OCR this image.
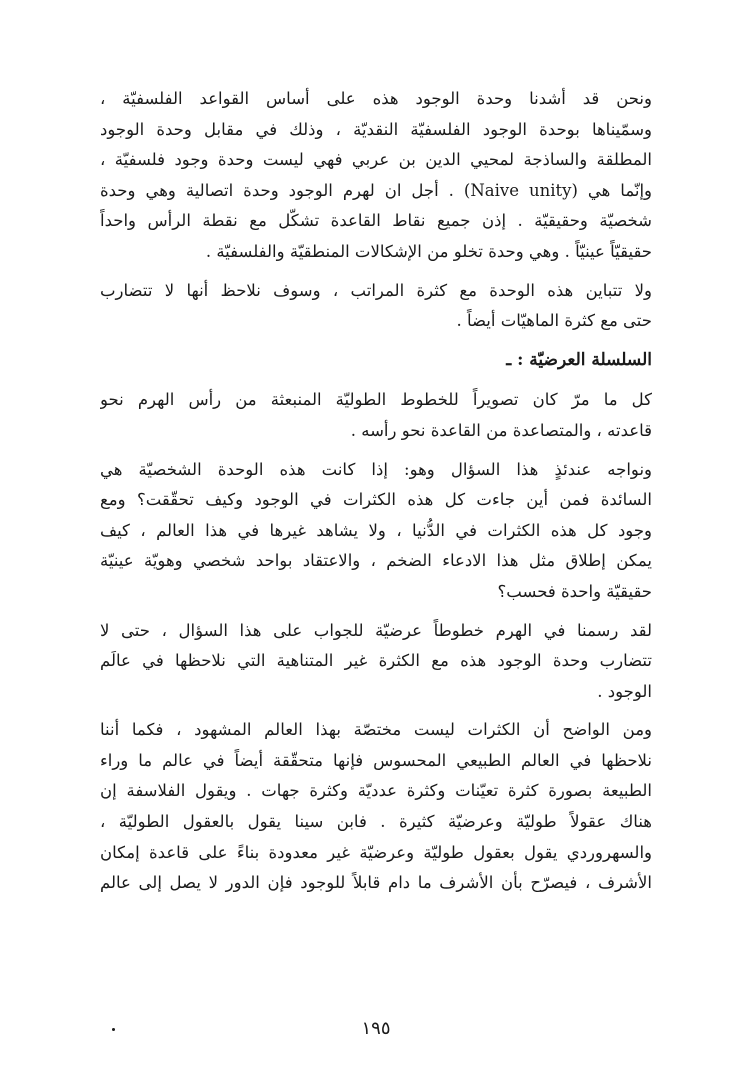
ونحن قد أشدنا وحدة الوجود هذه على أساس القواعد الفلسفيّة ،
وسمّيناها بوحدة الوجود الفلسفيّة النقديّة ، وذلك في مقابل وحدة الوجود
المطلقة والساذجة لمحيي الدين بن عربي فهي ليست وحدة وجود فلسفيّة ،
وإنّما هي (Naive unity) . أجل ان لهرم الوجود وحدة اتصالية وهي وحدة
شخصيّة وحقيقيّة . إذن جميع نقاط القاعدة تشكّل مع نقطة الرأس واحداً
حقيقيّاً عينيّاً . وهي وحدة تخلو من الإشكالات المنطقيّة والفلسفيّة .
ولا تتباين هذه الوحدة مع كثرة المراتب ، وسوف نلاحظ أنها لا تتضارب
حتى مع كثرة الماهيّات أيضاً .
السلسلة العرضيّة : ـ
كل ما مرّ كان تصويراً للخطوط الطوليّة المنبعثة من رأس الهرم نحو
قاعدته ، والمتصاعدة من القاعدة نحو رأسه .
ونواجه عندئذٍ هذا السؤال وهو: إذا كانت هذه الوحدة الشخصيّة هي
السائدة فمن أين جاءت كل هذه الكثرات في الوجود وكيف تحقّقت؟ ومع
وجود كل هذه الكثرات في الدُّنيا ، ولا يشاهد غيرها في هذا العالم ، كيف
يمكن إطلاق مثل هذا الادعاء الضخم ، والاعتقاد بواحد شخصي وهويّة عينيّة
حقيقيّة واحدة فحسب؟
لقد رسمنا في الهرم خطوطاً عرضيّة للجواب على هذا السؤال ، حتى لا
تتضارب وحدة الوجود هذه مع الكثرة غير المتناهية التي نلاحظها في عالَم
الوجود .
ومن الواضح أن الكثرات ليست مختصّة بهذا العالم المشهود ، فكما أننا
نلاحظها في العالم الطبيعي المحسوس فإنها متحقّقة أيضاً في عالم ما وراء
الطبيعة بصورة كثرة تعيّنات وكثرة عدديّة وكثرة جهات . ويقول الفلاسفة إن
هناك عقولاً طوليّة وعرضيّة كثيرة . فابن سينا يقول بالعقول الطوليّة ،
والسهروردي يقول بعقول طوليّة وعرضيّة غير معدودة بناءً على قاعدة إمكان
الأشرف ، فيصرّح بأن الأشرف ما دام قابلاً للوجود فإن الدور لا يصل إلى عالم
١٩٥
